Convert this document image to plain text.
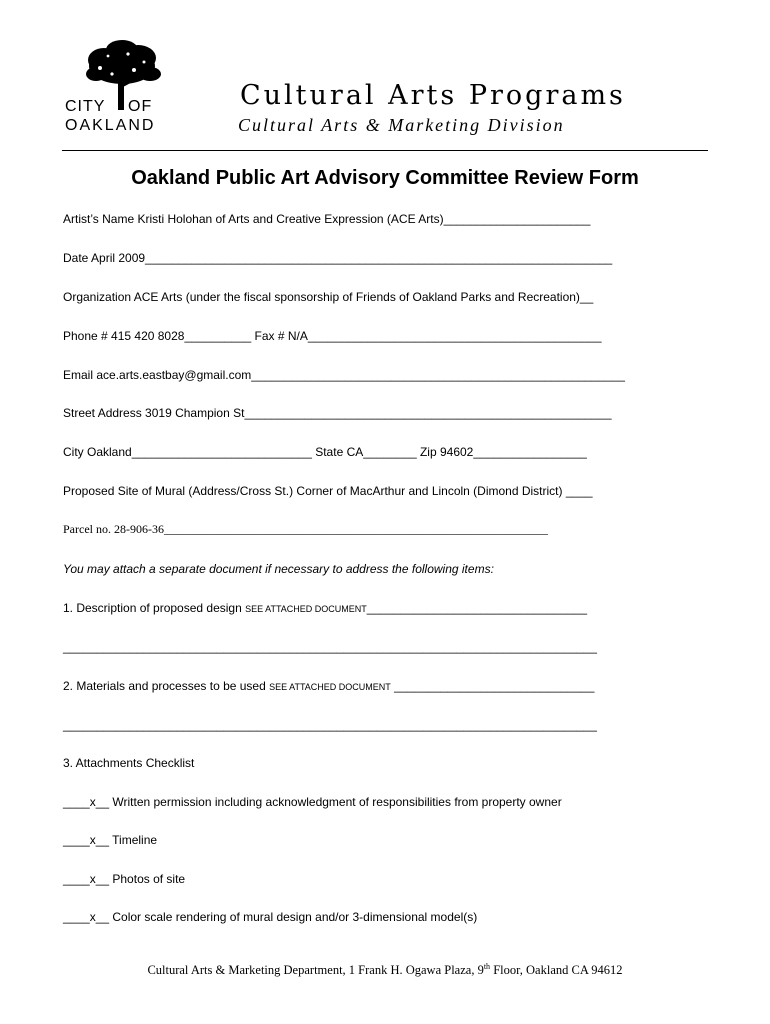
CITY OF
OAKLAND
Cultural Arts Programs
Cultural Arts & Marketing Division
Oakland Public Art Advisory Committee Review Form
Artist’s Name Kristi Holohan of Arts and Creative Expression (ACE Arts)______________________
Date April 2009______________________________________________________________________
Organization ACE Arts (under the fiscal sponsorship of Friends of Oakland Parks and Recreation)__
Phone # 415 420 8028__________ Fax # N/A____________________________________________
Email ace.arts.eastbay@gmail.com________________________________________________________
Street Address 3019 Champion St_______________________________________________________
City Oakland___________________________ State CA________ Zip 94602_________________
Proposed Site of Mural (Address/Cross St.) Corner of MacArthur and Lincoln (Dimond District) ____
Parcel no. 28-906-36________________________________________________________________
You may attach a separate document if necessary to address the following items:
1. Description of proposed design SEE ATTACHED DOCUMENT_________________________________
________________________________________________________________________________
2. Materials and processes to be used SEE ATTACHED DOCUMENT ______________________________
________________________________________________________________________________
3. Attachments Checklist
____x__ Written permission including acknowledgment of responsibilities from property owner
____x__ Timeline
____x__ Photos of site
____x__ Color scale rendering of mural design and/or 3-dimensional model(s)
Cultural Arts & Marketing Department, 1 Frank H. Ogawa Plaza, 9th Floor, Oakland CA 94612
